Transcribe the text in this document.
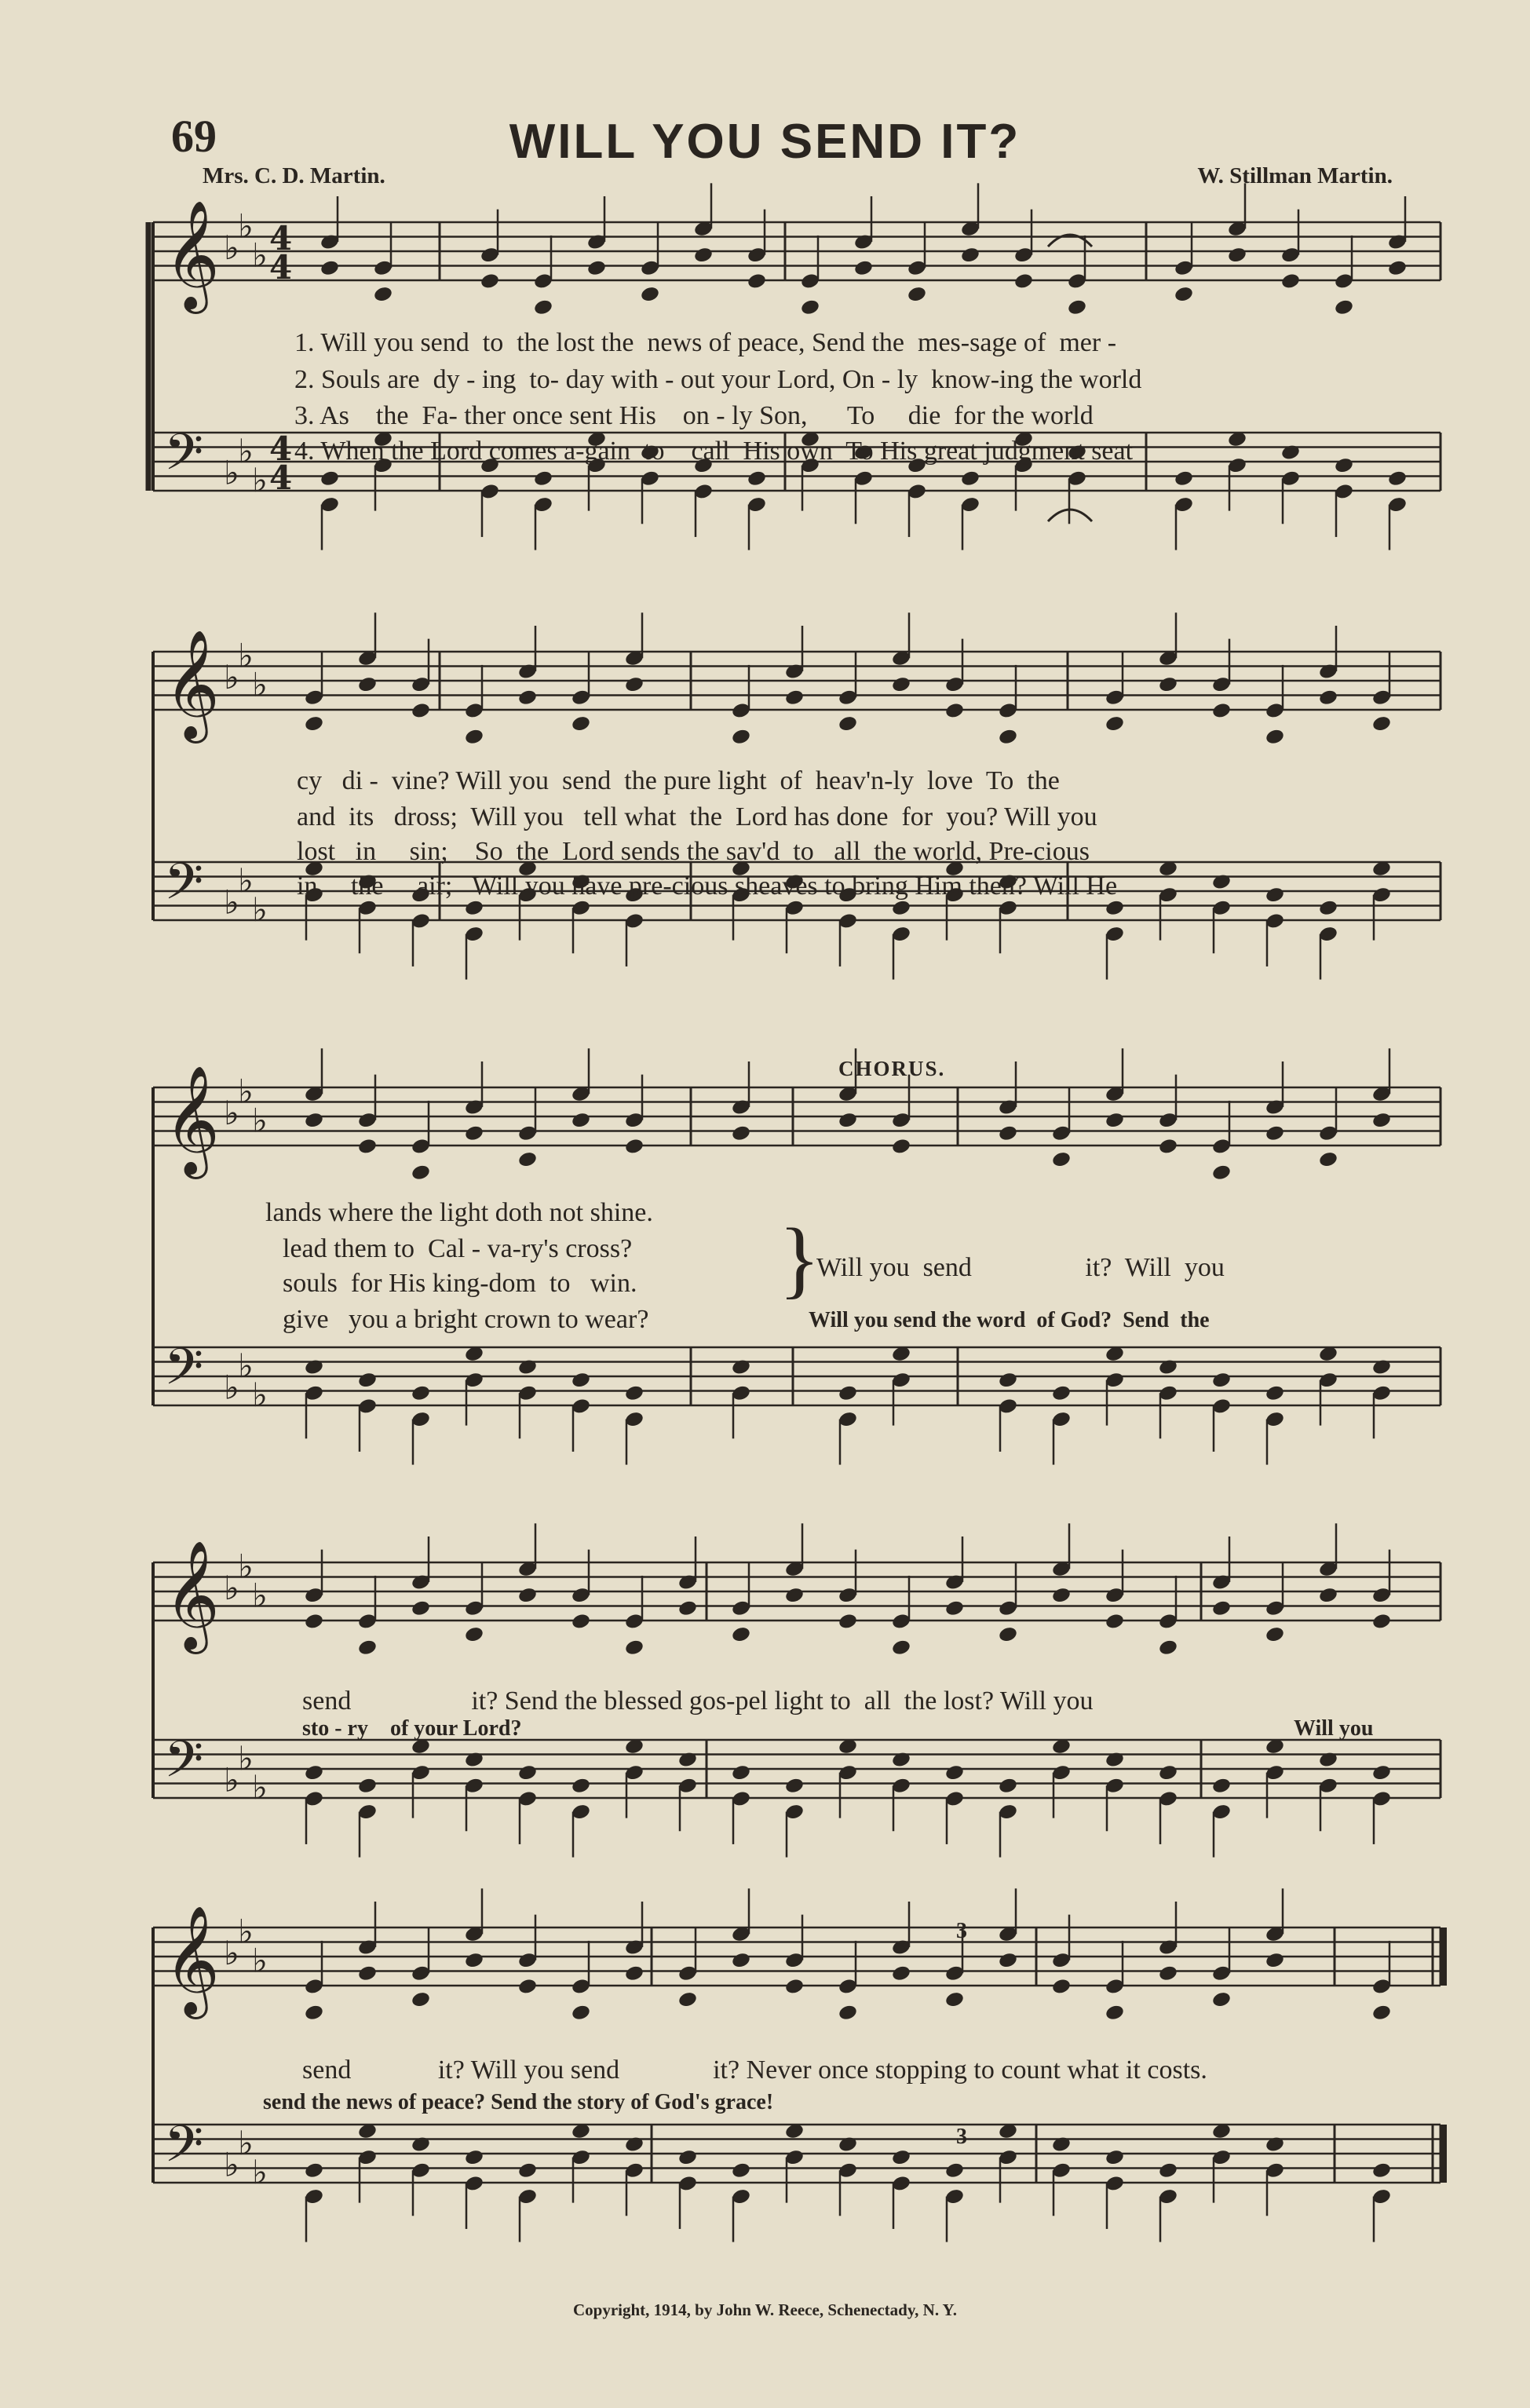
69	WILL YOU SEND IT?
Mrs. C. D. Martin.	W. Stillman Martin.
𝄞
𝄢
♭
♭
♭
♭
♭
♭
4
4
4
4
𝄞
𝄢
♭
♭
♭
♭
♭
♭
𝄞
𝄢
♭
♭
♭
♭
♭
♭
𝄞
𝄢
♭
♭
♭
♭
♭
♭
𝄞
𝄢
♭
♭
♭
♭
♭
♭
1. Will you send  to  the lost the  news of peace, Send the  mes-sage of  mer -
2. Souls are  dy - ing  to- day with - out your Lord, On - ly  know-ing the world
3. As    the  Fa- ther once sent His    on - ly Son,      To     die  for the world
4. When the Lord comes a-gain  to    call  His own  To His great judgment seat
cy   di -  vine? Will you  send  the pure light  of  heav'n-ly  love  To  the
and  its   dross;  Will you   tell what  the  Lord has done  for  you? Will you
lost   in     sin;    So  the  Lord sends the sav'd  to   all  the world, Pre-cious
in     the     air;   Will you have pre-cious sheaves to bring Him then? Will He
CHORUS.
lands where the light doth not shine.
lead them to  Cal - va-ry's cross?
souls  for His king-dom  to   win.
give   you a bright crown to wear?
}
Will you  send                 it?  Will  you
Will you send the word  of God?  Send  the
send                  it? Send the blessed gos-pel light to  all  the lost? Will you
sto - ry    of your Lord?	Will you
send             it? Will you send              it? Never once stopping to count what it costs.
send the news of peace? Send the story of God's grace!
3
3
Copyright, 1914, by John W. Reece, Schenectady, N. Y.
